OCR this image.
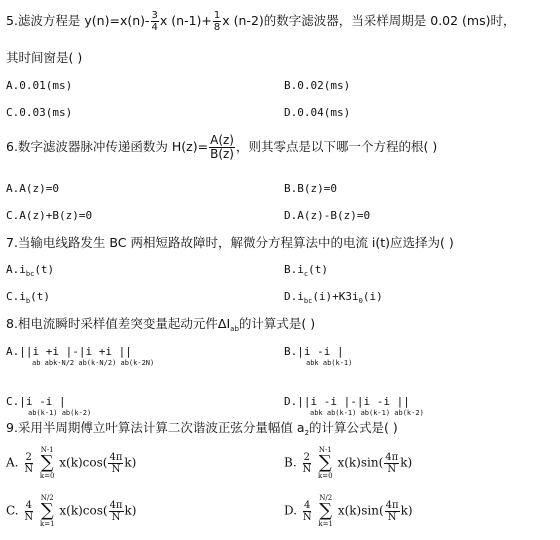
5.滤波方程是 $y(n)=x(n)- \frac{3}{4}$ x $(n-1)+ \frac{1}{8}$ x (n-2)的数字滤波器，当采样周期是 0.02 (ms)时，
其时间窗是( )
A.0.01(ms)	B.0.02(ms)
C.0.03(ms)	D.0.04(ms)
6.数字滤波器脉冲传递函数为 $H(z)= \frac{A(z)}{B(z)}$ ，则其零点是以下哪一个方程的根( )
A.A(z)=0	B.B(z)=0
C.A(z)+B(z)=0	D.A(z)-B(z)=0
7.当输电线路发生 BC 两相短路故障时，解微分方程算法中的电流 i(t)应选择为( )
$A.i_{bc}(t)$	$B.i_c(t)$
$C.i_b(t)$	$D.i_{bc}(i)+K3i_0(i)$
8.相电流瞬时采样值差突变量起动元件$\Delta I_{ab}$的计算式是( )
A.||i +i |-|i +i ||
ab abk-N/2 ab(k-N/2) ab(k-2N)
B.|i -i |
abk ab(k-1)
C.|i -i |
ab(k-1) ab(k-2)
D.||i -i |-|i -i ||
abk ab(k-1) ab(k-1) ab(k-2)
9.采用半周期傅立叶算法计算二次谐波正弦分量幅值 $a_2$的计算公式是( )
A. $\frac{2}{N}$

N-1
∑
k=0
$x(k)\cos( \frac{4\pi}{N} k)$	B. $\frac{2}{N}$

N-1
∑
k=0
$x(k)\sin( \frac{4\pi}{N} k)$
C. $\frac{4}{N}$

N/2
∑
k=1
$x(k)\cos( \frac{4\pi}{N} k)$	D. $\frac{4}{N}$

N/2
∑
k=1
$x(k)\sin( \frac{4\pi}{N} k)$
